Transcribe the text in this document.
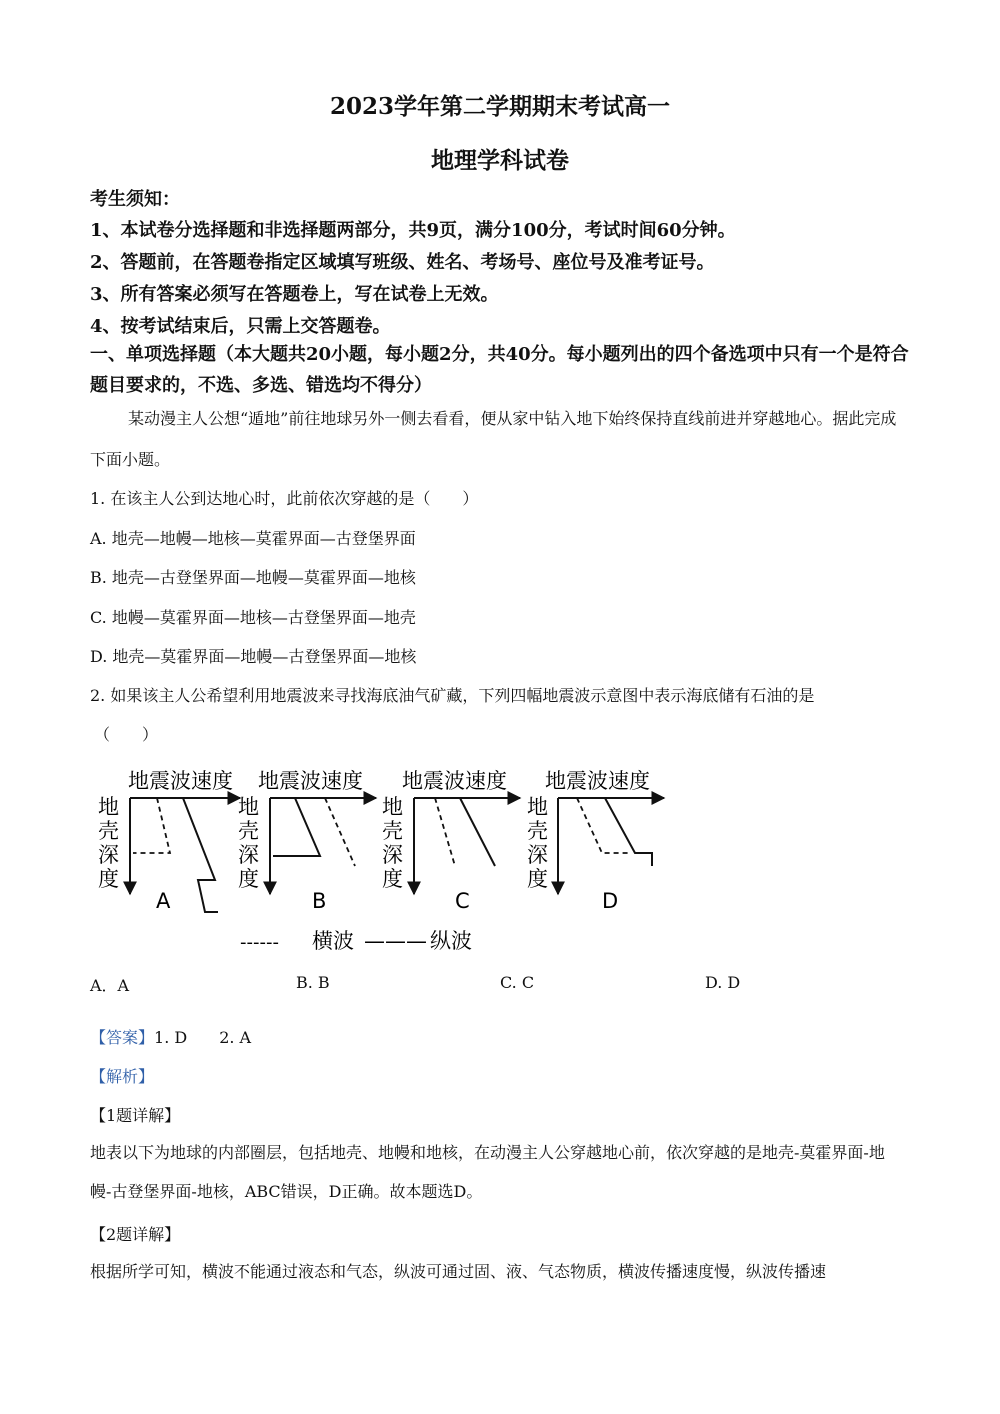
2023学年第二学期期末考试高一
地理学科试卷
考生须知：
1、本试卷分选择题和非选择题两部分，共9页，满分100分，考试时间60分钟。
2、答题前，在答题卷指定区域填写班级、姓名、考场号、座位号及准考证号。
3、所有答案必须写在答题卷上，写在试卷上无效。
4、按考试结束后，只需上交答题卷。
一、单项选择题（本大题共20小题，每小题2分，共40分。每小题列出的四个备选项中只有一个是符合题目要求的，不选、多选、错选均不得分）
某动漫主人公想“遁地”前往地球另外一侧去看看，便从家中钻入地下始终保持直线前进并穿越地心。据此完成下面小题。
1. 在该主人公到达地心时，此前依次穿越的是（　　）
A. 地壳—地幔—地核—莫霍界面—古登堡界面
B. 地壳—古登堡界面—地幔—莫霍界面—地核
C. 地幔—莫霍界面—地核—古登堡界面—地壳
D. 地壳—莫霍界面—地幔—古登堡界面—地核
2. 如果该主人公希望利用地震波来寻找海底油气矿藏，下列四幅地震波示意图中表示海底储有石油的是
（　　）
地震波速度
地
壳
深
度
A
地震波速度
地
壳
深
度
B
地震波速度
地
壳
深
度
C
地震波速度
地
壳
深
度
D
------ 横波 ——— 纵波
A．A	B. B	C. C	D. D
【答案】1. D　　2. A
【解析】
【1题详解】
地表以下为地球的内部圈层，包括地壳、地幔和地核，在动漫主人公穿越地心前，依次穿越的是地壳-莫霍界面-地幔-古登堡界面-地核，ABC错误，D正确。故本题选D。
【2题详解】
根据所学可知，横波不能通过液态和气态，纵波可通过固、液、气态物质，横波传播速度慢，纵波传播速
